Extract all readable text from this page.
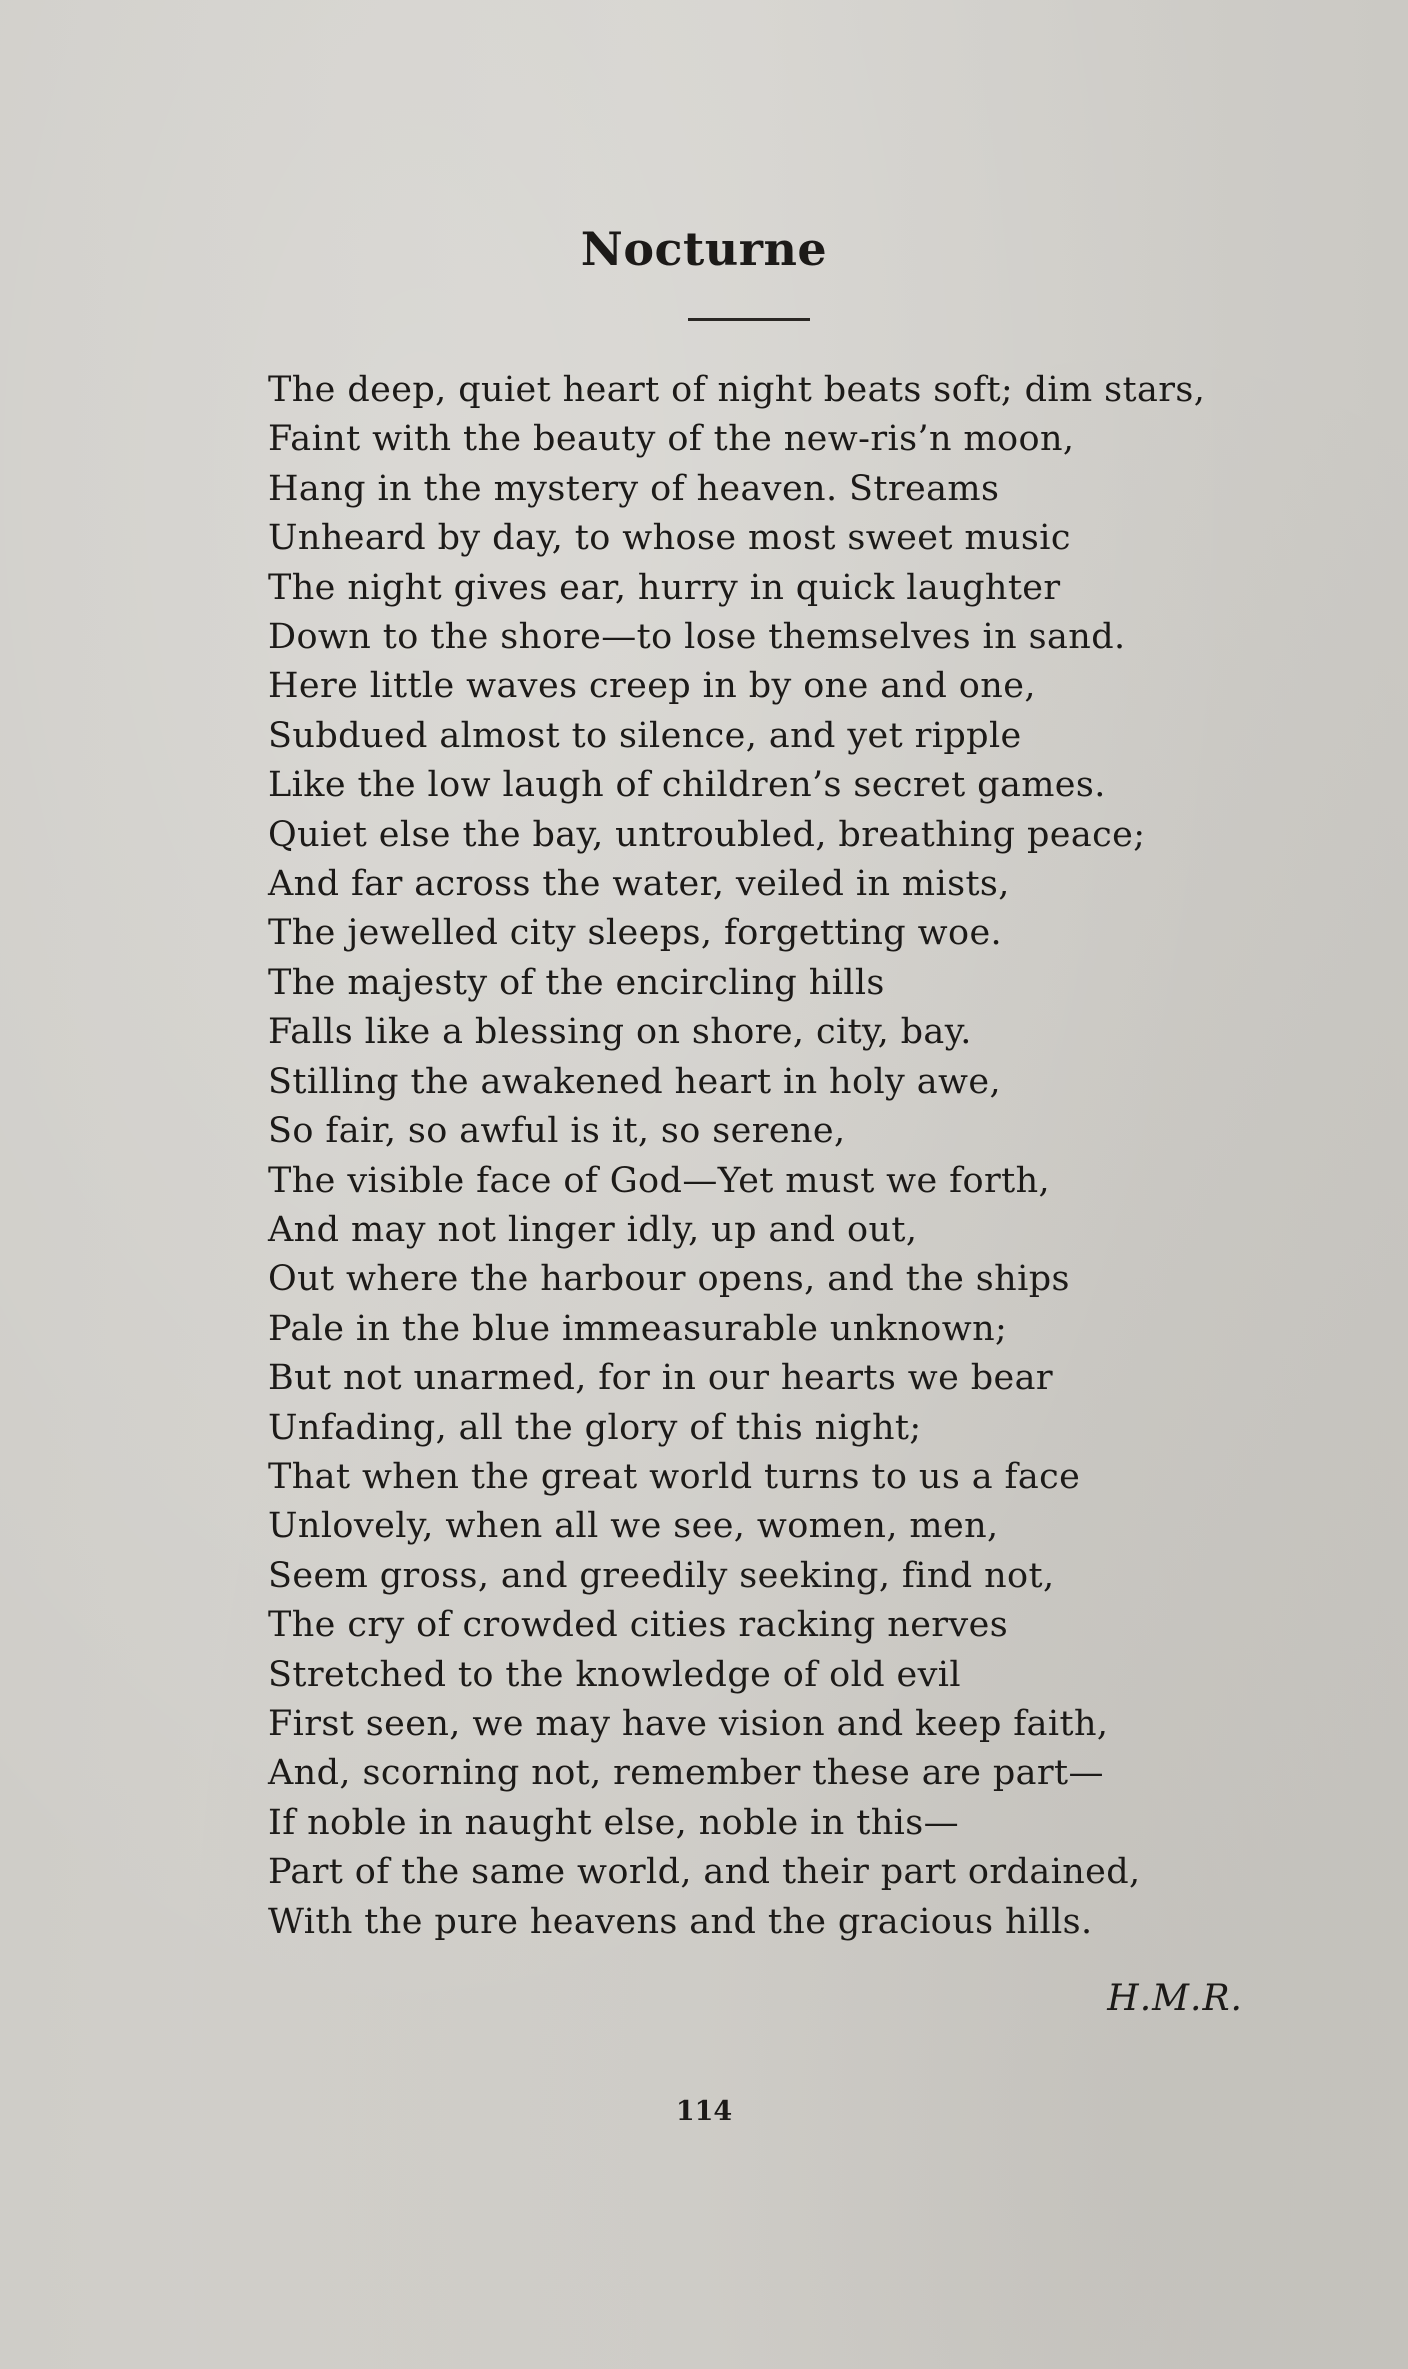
Nocturne
The deep, quiet heart of night beats soft; dim stars,
Faint with the beauty of the new-ris’n moon,
Hang in the mystery of heaven. Streams
Unheard by day, to whose most sweet music
The night gives ear, hurry in quick laughter
Down to the shore—to lose themselves in sand.
Here little waves creep in by one and one,
Subdued almost to silence, and yet ripple
Like the low laugh of children’s secret games.
Quiet else the bay, untroubled, breathing peace;
And far across the water, veiled in mists,
The jewelled city sleeps, forgetting woe.
The majesty of the encircling hills
Falls like a blessing on shore, city, bay.
Stilling the awakened heart in holy awe,
So fair, so awful is it, so serene,
The visible face of God—Yet must we forth,
And may not linger idly, up and out,
Out where the harbour opens, and the ships
Pale in the blue immeasurable unknown;
But not unarmed, for in our hearts we bear
Unfading, all the glory of this night;
That when the great world turns to us a face
Unlovely, when all we see, women, men,
Seem gross, and greedily seeking, find not,
The cry of crowded cities racking nerves
Stretched to the knowledge of old evil
First seen, we may have vision and keep faith,
And, scorning not, remember these are part—
If noble in naught else, noble in this—
Part of the same world, and their part ordained,
With the pure heavens and the gracious hills.
H.M.R.
114
